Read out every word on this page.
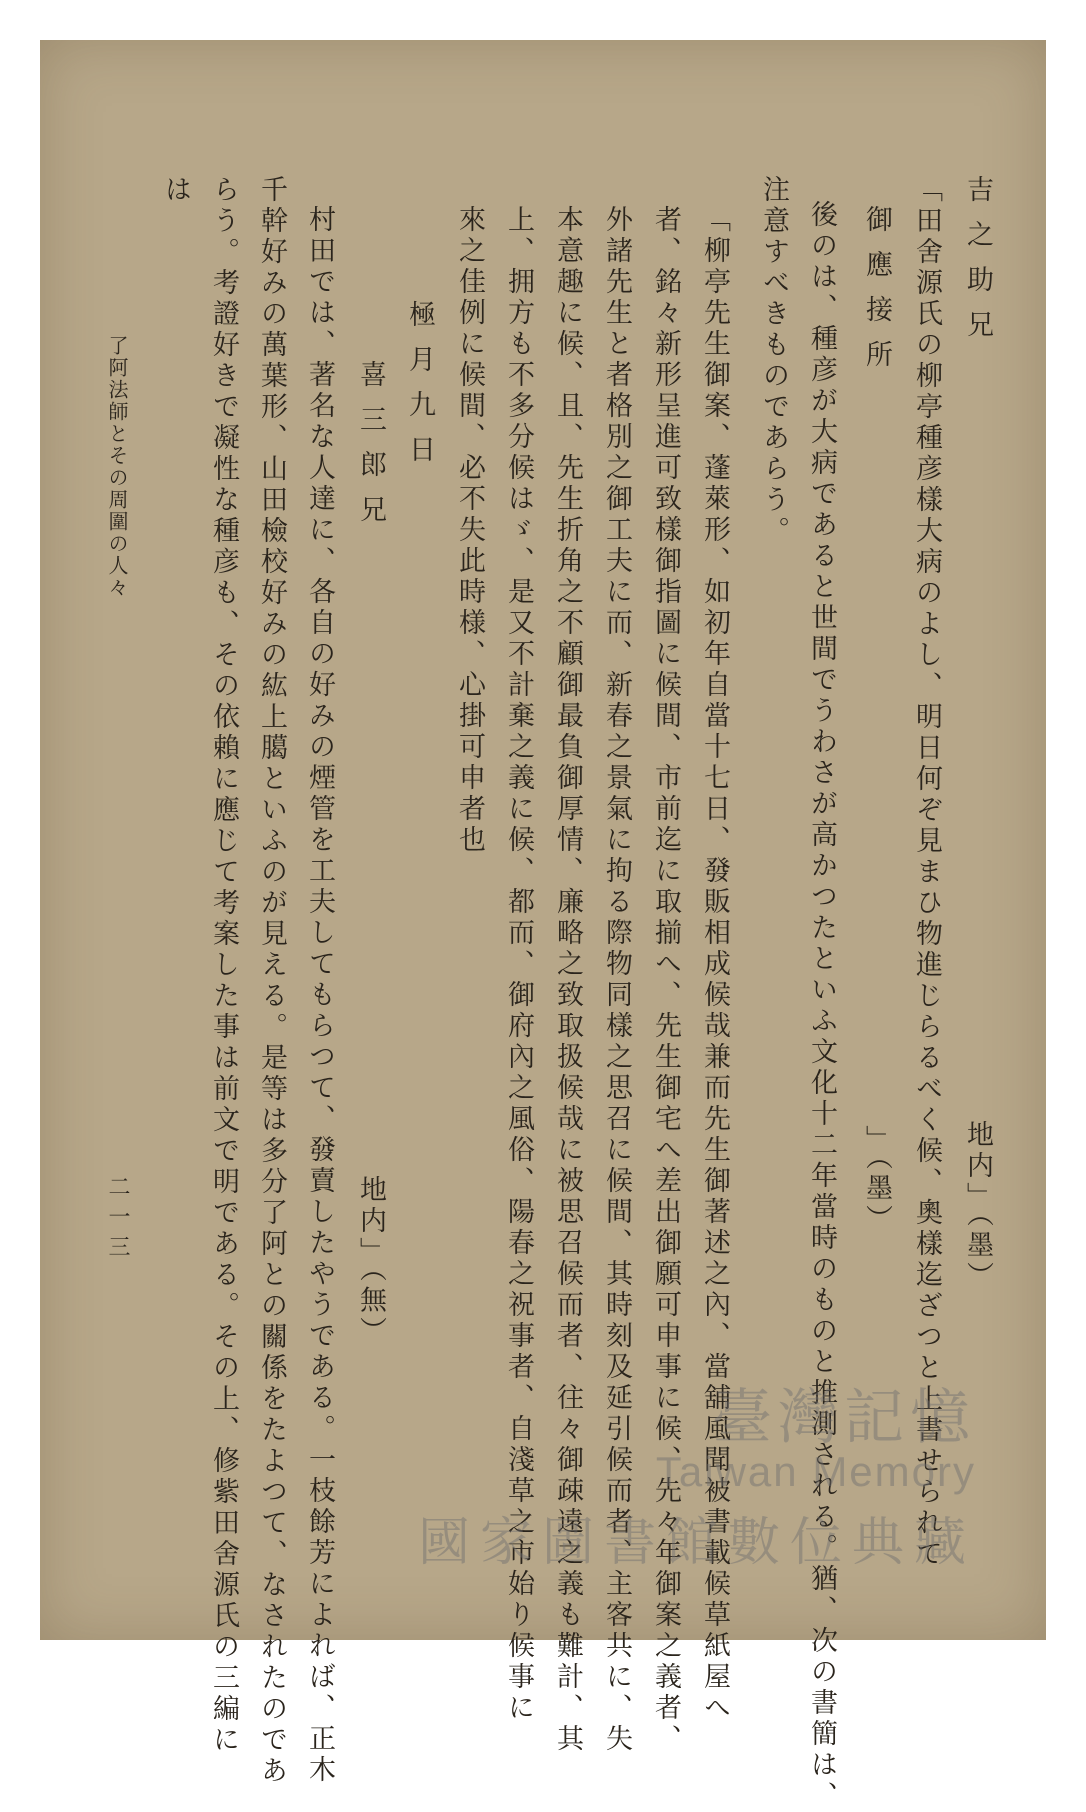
吉之助兄
地内」（墨）
「田舍源氏の柳亭種彦樣大病のよし、明日何ぞ見まひ物進じらるべく候、奧樣迄ざつと上書せられて
御應接所
」（墨）
後のは、種彦が大病であると世間でうわさが高かつたといふ文化十二年當時のものと推測される。猶、次の書簡は、
注意すべきものであらう。
「柳亭先生御案、蓬萊形、如初年自當十七日、發販相成候哉兼而先生御著述之內、當舖風聞被書載候草紙屋へ
者、銘々新形呈進可致樣御指圖に候間、市前迄に取揃へ、先生御宅へ差出御願可申事に候、先々年御案之義者、
外諸先生と者格別之御工夫に而、新春之景氣に拘る際物同樣之思召に候間、其時刻及延引候而者、主客共に、失
本意趣に候、且、先生折角之不顧御最負御厚情、廉略之致取扱候哉に被思召候而者、往々御疎遠之義も難計、其
上、拥方も不多分候はゞ、是又不計棄之義に候、都而、御府內之風俗、陽春之祝事者、自淺草之市始り候事に
來之佳例に候間、必不失此時様、心掛可申者也
極月九日
喜三郎兄
地内」（無）
村田では、著名な人達に、各自の好みの煙管を工夫してもらつて、發賣したやうである。一枝餘芳によれば、正木
千幹好みの萬葉形、山田檢校好みの紘上臈といふのが見える。是等は多分了阿との關係をたよつて、なされたのであ
らう。考證好きで凝性な種彦も、その依賴に應じて考案した事は前文で明である。その上、修紫田舍源氏の三編に
は
了阿法師とその周圍の人々
二一三
臺灣記憶
Taiwan Memory
國家圖書館數位典藏
